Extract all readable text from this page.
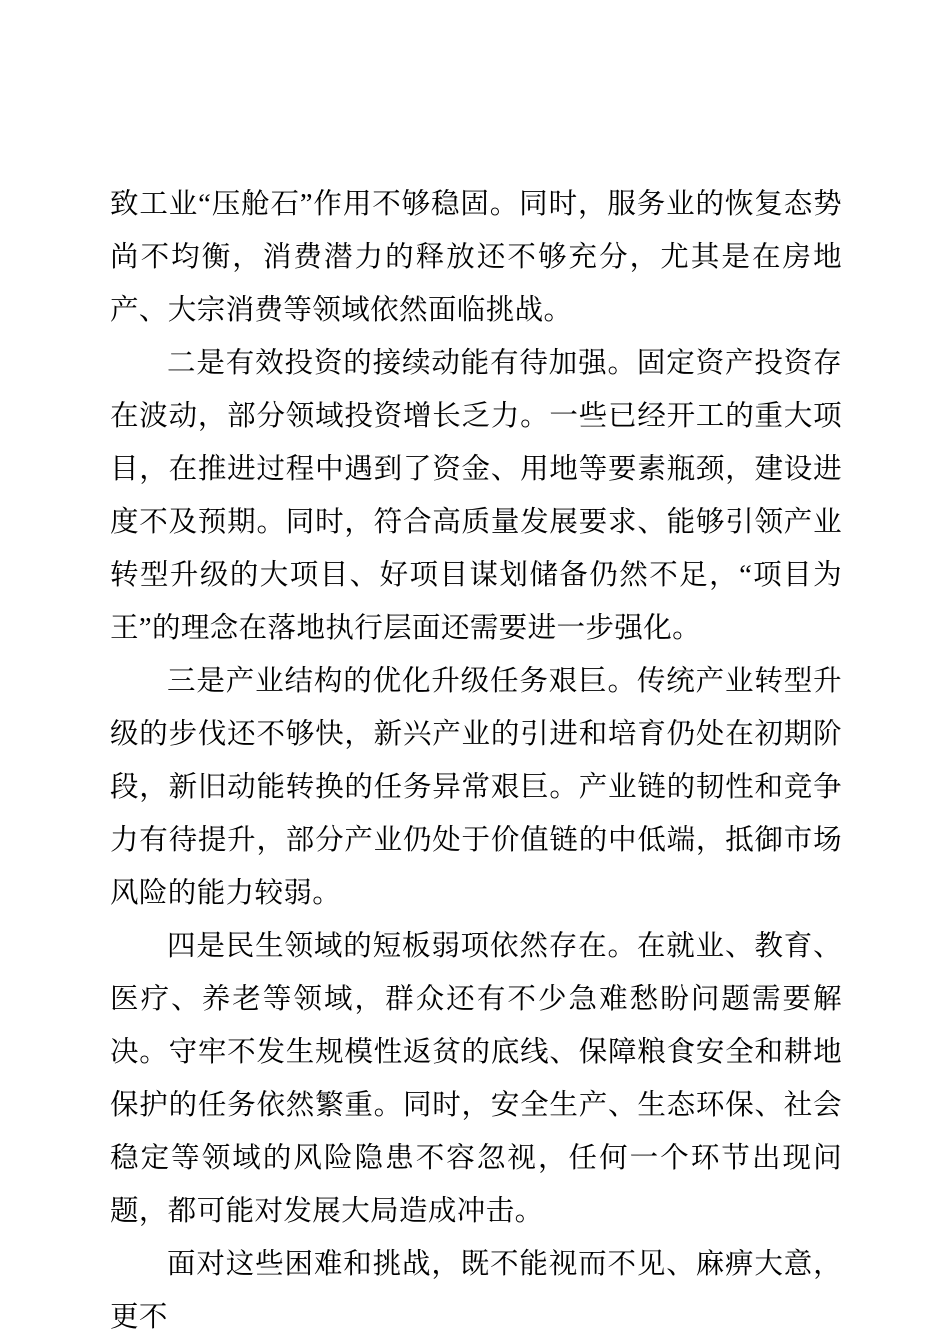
致工业“压舱石”作用不够稳固。同时，服务业的恢复态势尚不均衡，消费潜力的释放还不够充分，尤其是在房地产、大宗消费等领域依然面临挑战。

二是有效投资的接续动能有待加强。固定资产投资存在波动，部分领域投资增长乏力。一些已经开工的重大项目，在推进过程中遇到了资金、用地等要素瓶颈，建设进度不及预期。同时，符合高质量发展要求、能够引领产业转型升级的大项目、好项目谋划储备仍然不足，“项目为王”的理念在落地执行层面还需要进一步强化。

三是产业结构的优化升级任务艰巨。传统产业转型升级的步伐还不够快，新兴产业的引进和培育仍处在初期阶段，新旧动能转换的任务异常艰巨。产业链的韧性和竞争力有待提升，部分产业仍处于价值链的中低端，抵御市场风险的能力较弱。

四是民生领域的短板弱项依然存在。在就业、教育、医疗、养老等领域，群众还有不少急难愁盼问题需要解决。守牢不发生规模性返贫的底线、保障粮食安全和耕地保护的任务依然繁重。同时，安全生产、生态环保、社会稳定等领域的风险隐患不容忽视，任何一个环节出现问题，都可能对发展大局造成冲击。

面对这些困难和挑战，既不能视而不见、麻痹大意，更不
